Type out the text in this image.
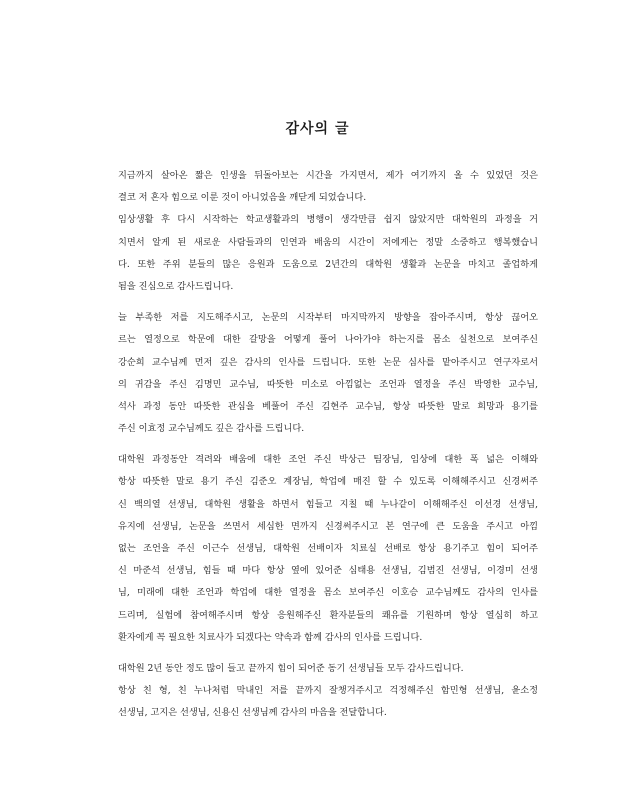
감사의 글
지금까지 살아온 짧은 인생을 뒤돌아보는 시간을 가지면서, 제가 여기까지 올 수 있었던 것은
결코 저 혼자 힘으로 이룬 것이 아니었음을 깨닫게 되었습니다.
임상생활 후 다시 시작하는 학교생활과의 병행이 생각만큼 쉽지 않았지만 대학원의 과정을 거
치면서 알게 된 새로운 사람들과의 인연과 배움의 시간이 저에게는 정말 소중하고 행복했습니
다. 또한 주위 분들의 많은 응원과 도움으로 2년간의 대학원 생활과 논문을 마치고 졸업하게
됨을 진심으로 감사드립니다.
늘 부족한 저를 지도해주시고, 논문의 시작부터 마지막까지 방향을 잡아주시며, 항상 끊어오
르는 열정으로 학문에 대한 갈망을 어떻게 풀어 나아가야 하는지를 몸소 실천으로 보여주신
강순희 교수님께 먼저 깊은 감사의 인사를 드립니다. 또한 논문 심사를 맡아주시고 연구자로서
의 귀감을 주신 김명민 교수님, 따뜻한 미소로 아낌없는 조언과 열정을 주신 박영한 교수님,
석사 과정 동안 따뜻한 관심을 베풀어 주신 김현주 교수님, 항상 따뜻한 말로 희망과 용기를
주신 이효정 교수님께도 깊은 감사를 드립니다.
대학원 과정동안 격려와 배움에 대한 조언 주신 박상근 팀장님, 임상에 대한 폭 넓은 이해와
항상 따뜻한 말로 용기 주신 김준오 계장님, 학업에 매진 할 수 있도록 이해해주시고 신경써주
신 백의열 선생님, 대학원 생활을 하면서 힘들고 지칠 때 누나같이 이해해주신 이선경 선생님,
유지에 선생님, 논문을 쓰면서 세심한 면까지 신경써주시고 본 연구에 큰 도움을 주시고 아낌
없는 조언을 주신 이근수 선생님, 대학원 선배이자 치료실 선배로 항상 용기주고 힘이 되어주
신 마준석 선생님, 힘들 때 마다 항상 옆에 있어준 심태용 선생님, 김범진 선생님, 이경미 선생
님, 미래에 대한 조언과 학업에 대한 열정을 몸소 보여주신 이호승 교수님께도 감사의 인사를
드리며, 실험에 참여해주시며 항상 응원해주신 환자분들의 쾌유를 기원하며 항상 열심히 하고
환자에게 꼭 필요한 치료사가 되겠다는 약속과 함께 감사의 인사를 드립니다.
대학원 2년 동안 정도 많이 들고 끝까지 힘이 되어준 동기 선생님들 모두 감사드립니다.
항상 친 형, 친 누나처럼 막내인 저를 끝까지 잘챙겨주시고 걱정해주신 함민형 선생님, 윤소정
선생님, 고지은 선생님, 신용신 선생님께 감사의 마음을 전달합니다.
